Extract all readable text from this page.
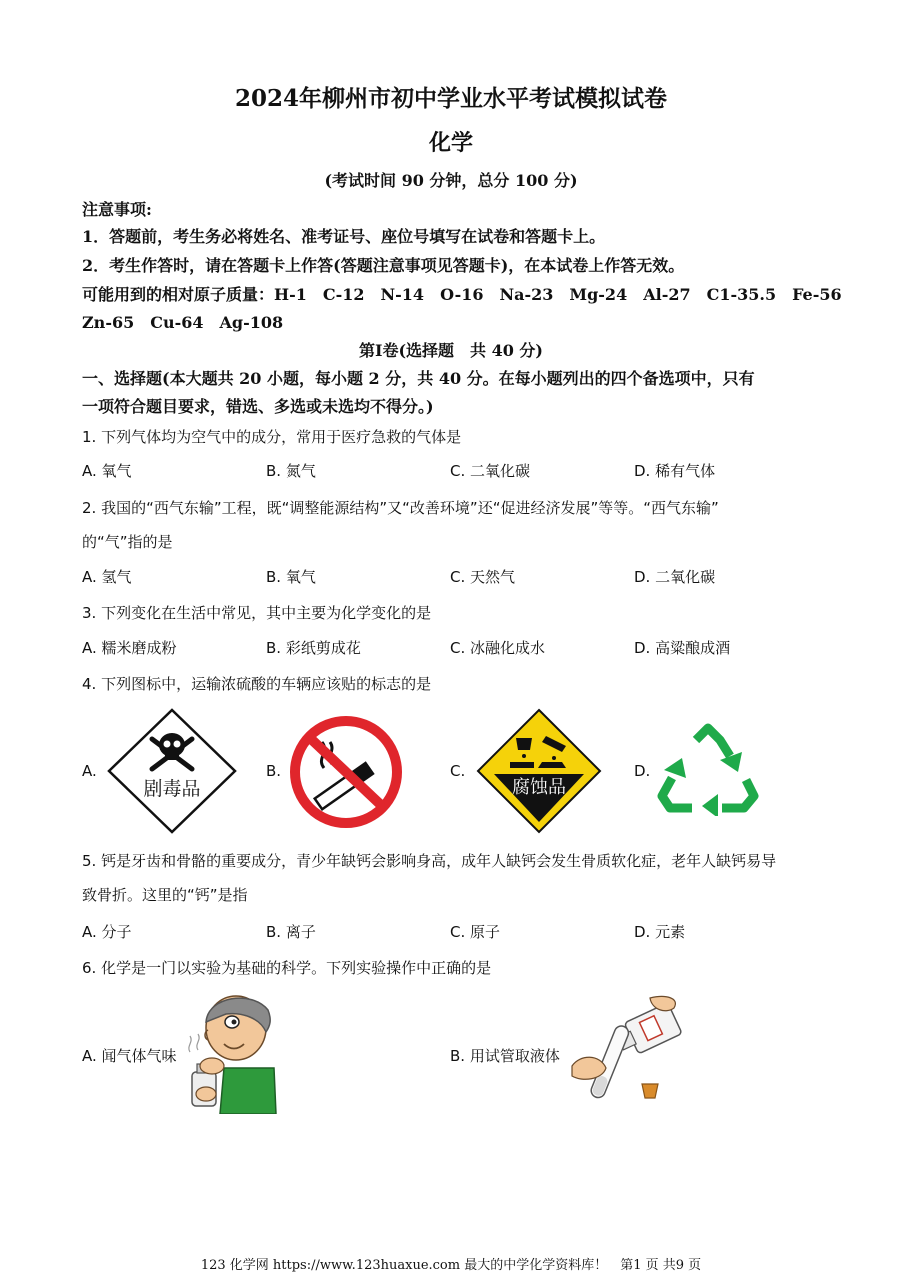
2024年柳州市初中学业水平考试模拟试卷
化学
(考试时间 90 分钟，总分 100 分)
注意事项:
1．答题前，考生务必将姓名、准考证号、座位号填写在试卷和答题卡上。
2．考生作答时，请在答题卡上作答(答题注意事项见答题卡)，在本试卷上作答无效。
可能用到的相对原子质量：H-1　C-12　N-14　O-16　Na-23　Mg-24　Al-27　C1-35.5　Fe-56
Zn-65　Cu-64　Ag-108
第Ⅰ卷(选择题　共 40 分)
一、选择题(本大题共 20 小题，每小题 2 分，共 40 分。在每小题列出的四个备选项中，只有
一项符合题目要求，错选、多选或未选均不得分。)
1. 下列气体均为空气中的成分，常用于医疗急救的气体是
A. 氧气	B. 氮气	C. 二氧化碳	D. 稀有气体
2. 我国的“西气东输”工程，既“调整能源结构”又“改善环境”还“促进经济发展”等等。“西气东输”
的“气”指的是
A. 氢气	B. 氧气	C. 天然气	D. 二氧化碳
3. 下列变化在生活中常见，其中主要为化学变化的是
A. 糯米磨成粉	B. 彩纸剪成花	C. 冰融化成水	D. 高粱酿成酒
4. 下列图标中，运输浓硫酸的车辆应该贴的标志的是
A.	B.	C.	D.
剧毒品	腐蚀品
5. 钙是牙齿和骨骼的重要成分，青少年缺钙会影响身高，成年人缺钙会发生骨质软化症，老年人缺钙易导
致骨折。这里的“钙”是指
A. 分子	B. 离子	C. 原子	D. 元素
6. 化学是一门以实验为基础的科学。下列实验操作中正确的是
A. 闻气体气味	B. 用试管取液体
123 化学网 https://www.123huaxue.com 最大的中学化学资料库！　第1 页 共9 页
